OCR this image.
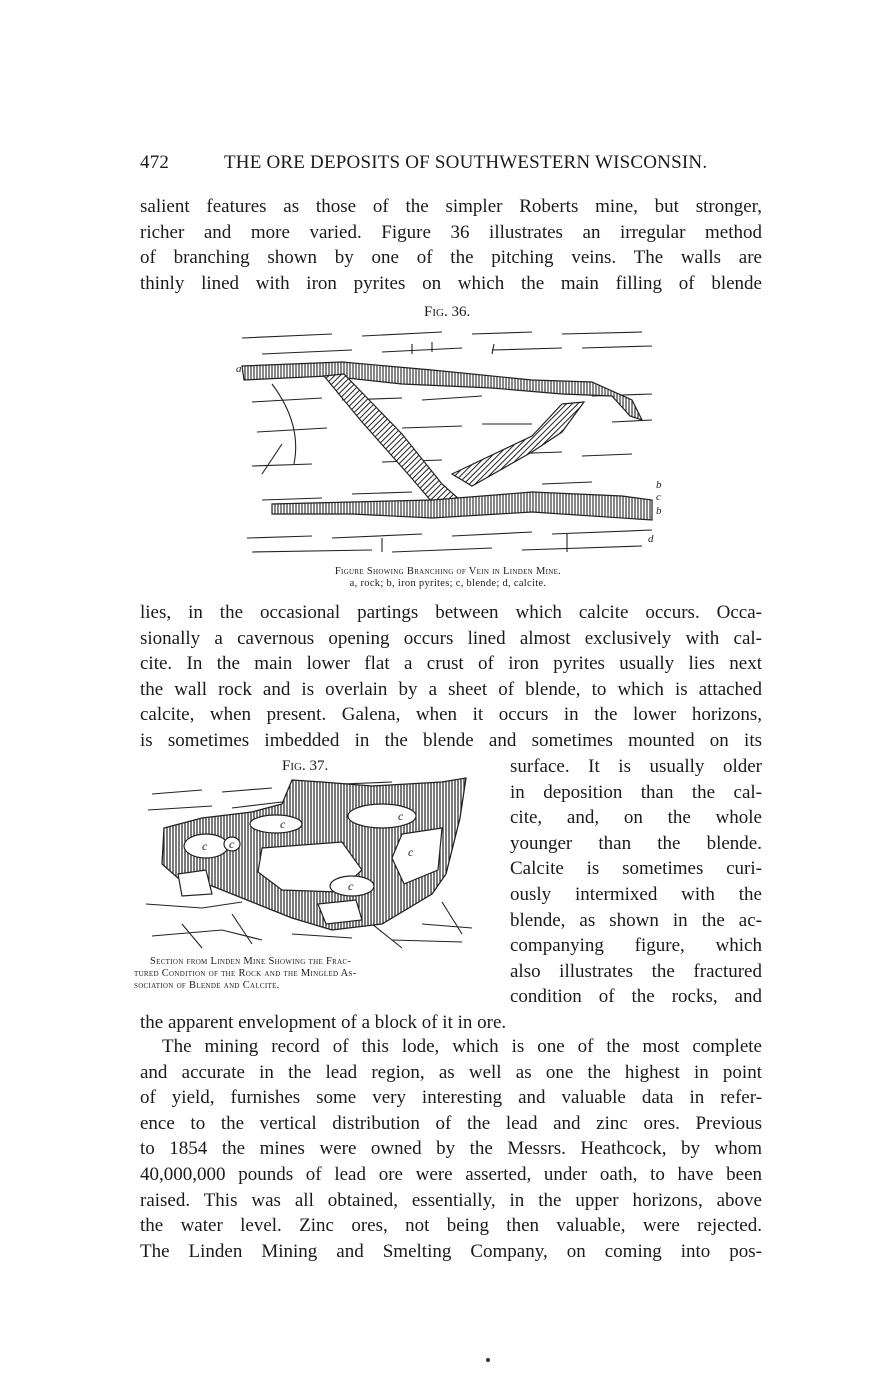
472	THE ORE DEPOSITS OF SOUTHWESTERN WISCONSIN.

salient features as those of the simpler Roberts mine, but stronger,
richer and more varied. Figure 36 illustrates an irregular method
of branching shown by one of the pitching veins. The walls are
thinly lined with iron pyrites on which the main filling of blende

Fig. 36.
a
b
c
b
d
Figure Showing Branching of Vein in Linden Mine.
a, rock; b, iron pyrites; c, blende; d, calcite.

lies, in the occasional partings between which calcite occurs. Occa-
sionally a cavernous opening occurs lined almost exclusively with cal-
cite. In the main lower flat a crust of iron pyrites usually lies next
the wall rock and is overlain by a sheet of blende, to which is attached
calcite, when present. Galena, when it occurs in the lower horizons,
is sometimes imbedded in the blende and sometimes mounted on its

Fig. 37.
c
c
c c
c
c
Section from Linden Mine Showing the Frac-
tured Condition of the Rock and the Mingled As-
sociation of Blende and Calcite.

surface. It is usually older
in deposition than the cal-
cite, and, on the whole
younger than the blende.
Calcite is sometimes curi-
ously intermixed with the
blende, as shown in the ac-
companying figure, which
also illustrates the fractured
condition of the rocks, and

the apparent envelopment of a block of it in ore.

The mining record of this lode, which is one of the most complete
and accurate in the lead region, as well as one the highest in point
of yield, furnishes some very interesting and valuable data in refer-
ence to the vertical distribution of the lead and zinc ores. Previous
to 1854 the mines were owned by the Messrs. Heathcock, by whom
40,000,000 pounds of lead ore were asserted, under oath, to have been
raised. This was all obtained, essentially, in the upper horizons, above
the water level. Zinc ores, not being then valuable, were rejected.
The Linden Mining and Smelting Company, on coming into pos-
